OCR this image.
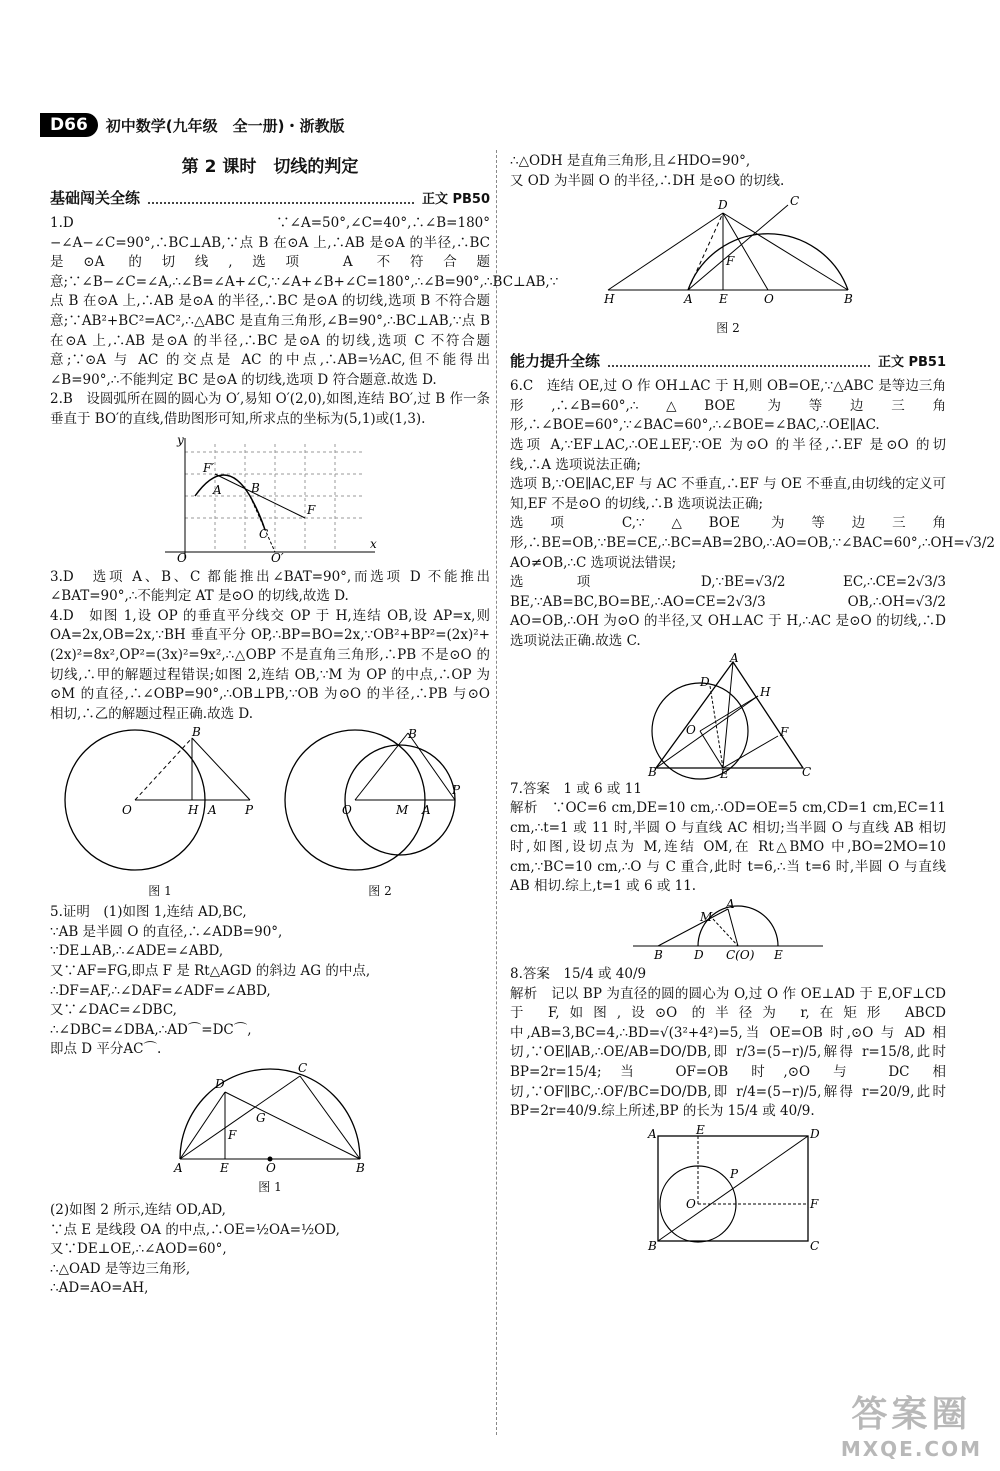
D66	初中数学(九年级　全一册)・浙教版
第 2 课时　切线的判定
基础闯关全练	正文 PB50

1.D　∵∠A=50°,∠C=40°,∴∠B=180°−∠A−∠C=90°,∴BC⊥AB,∵点 B 在⊙A 上,∴AB 是⊙A 的半径,∴BC 是⊙A 的切线,选项 A 不符合题意;∵∠B−∠C=∠A,∴∠B=∠A+∠C,∵∠A+∠B+∠C=180°,∴∠B=90°,∴BC⊥AB,∵点 B 在⊙A 上,∴AB 是⊙A 的半径,∴BC 是⊙A 的切线,选项 B 不符合题意;∵AB²+BC²=AC²,∴△ABC 是直角三角形,∠B=90°,∴BC⊥AB,∵点 B 在⊙A 上,∴AB 是⊙A 的半径,∴BC 是⊙A 的切线,选项 C 不符合题意;∵⊙A 与 AC 的交点是 AC 的中点,∴AB=½AC,但不能得出∠B=90°,∴不能判定 BC 是⊙A 的切线,选项 D 符合题意.故选 D.

2.B　设圆弧所在圆的圆心为 O′,易知 O′(2,0),如图,连结 BO′,过 B 作一条垂直于 BO′的直线,借助图形可知,所求点的坐标为(5,1)或(1,3).

y
x
F′
A B
C
F
O	O′

3.D　选项 A、B、C 都能推出∠BAT=90°,而选项 D 不能推出∠BAT=90°,∴不能判定 AT 是⊙O 的切线,故选 D.

4.D　如图 1,设 OP 的垂直平分线交 OP 于 H,连结 OB,设 AP=x,则 OA=2x,OB=2x,∵BH 垂直平分 OP,∴BP=BO=2x,∵OB²+BP²=(2x)²+(2x)²=8x²,OP²=(3x)²=9x²,∴△OBP 不是直角三角形,∴PB 不是⊙O 的切线,∴甲的解题过程错误;如图 2,连结 OB,∵M 为 OP 的中点,∴OP 为⊙M 的直径,∴∠OBP=90°,∴OB⊥PB,∵OB 为⊙O 的半径,∴PB 与⊙O 相切,∴乙的解题过程正确.故选 D.

O	H A P
B
图 1
O	M A
P
B
图 2

5.证明　(1)如图 1,连结 AD,BC,

∵AB 是半圆 O 的直径,∴∠ADB=90°,

∵DE⊥AB,∴∠ADE=∠ABD,

又∵AF=FG,即点 F 是 Rt△AGD 的斜边 AG 的中点,

∴DF=AF,∴∠DAF=∠ADF=∠ABD,

又∵∠DAC=∠DBC,

∴∠DBC=∠DBA,∴AD⌒=DC⌒,

即点 D 平分AC⌒.

A	E	O	B
D
C
F
G
图 1

(2)如图 2 所示,连结 OD,AD,

∵点 E 是线段 OA 的中点,∴OE=½OA=½OD,

又∵DE⊥OE,∴∠AOD=60°,

∴△OAD 是等边三角形,

∴AD=AO=AH,

∴△ODH 是直角三角形,且∠HDO=90°,

又 OD 为半圆 O 的半径,∴DH 是⊙O 的切线.

H	A E	O	B
D	C
F
图 2
能力提升全练	正文 PB51

6.C　连结 OE,过 O 作 OH⊥AC 于 H,则 OB=OE,∵△ABC 是等边三角形,∴∠B=60°,∴△BOE 为等边三角形,∴∠BOE=60°,∵∠BAC=60°,∴∠BOE=∠BAC,∴OE∥AC.

选项 A,∵EF⊥AC,∴OE⊥EF,∵OE 为⊙O 的半径,∴EF 是⊙O 的切线,∴A 选项说法正确;

选项 B,∵OE∥AC,EF 与 AC 不垂直,∴EF 与 OE 不垂直,由切线的定义可知,EF 不是⊙O 的切线,∴B 选项说法正确;

选项 C,∵△BOE 为等边三角形,∴BE=OB,∵BE=CE,∴BC=AB=2BO,∴AO=OB,∵∠BAC=60°,∴OH=√3/2 AO≠OB,∴C 选项说法错误;

选项 D,∵BE=√3/2 EC,∴CE=2√3/3 BE,∵AB=BC,BO=BE,∴AO=CE=2√3/3 OB,∴OH=√3/2 AO=OB,∴OH 为⊙O 的半径,又 OH⊥AC 于 H,∴AC 是⊙O 的切线,∴D 选项说法正确.故选 C.

A
B	C
D
E
F
H
O

7.答案　1 或 6 或 11

解析　∵OC=6 cm,DE=10 cm,∴OD=OE=5 cm,CD=1 cm,EC=11 cm,∴t=1 或 11 时,半圆 O 与直线 AC 相切;当半圆 O 与直线 AB 相切时,如图,设切点为 M,连结 OM,在 Rt△BMO 中,BO=2MO=10 cm,∵BC=10 cm,∴O 与 C 重合,此时 t=6,∴当 t=6 时,半圆 O 与直线 AB 相切.综上,t=1 或 6 或 11.

B	D C(O) E
A
M

8.答案　15/4 或 40/9

解析　记以 BP 为直径的圆的圆心为 O,过 O 作 OE⊥AD 于 E,OF⊥CD 于 F,如图,设⊙O 的半径为 r,在矩形 ABCD 中,AB=3,BC=4,∴BD=√(3²+4²)=5,当 OE=OB 时,⊙O 与 AD 相切,∵OE∥AB,∴OE/AB=DO/DB,即 r/3=(5−r)/5,解得 r=15/8,此时 BP=2r=15/4;当 OF=OB 时,⊙O 与 DC 相切,∵OF∥BC,∴OF/BC=DO/DB,即 r/4=(5−r)/5,解得 r=20/9,此时 BP=2r=40/9.综上所述,BP 的长为 15/4 或 40/9.

A	E	D
B	C
F
O
P
答案圈
MXQE.COM
